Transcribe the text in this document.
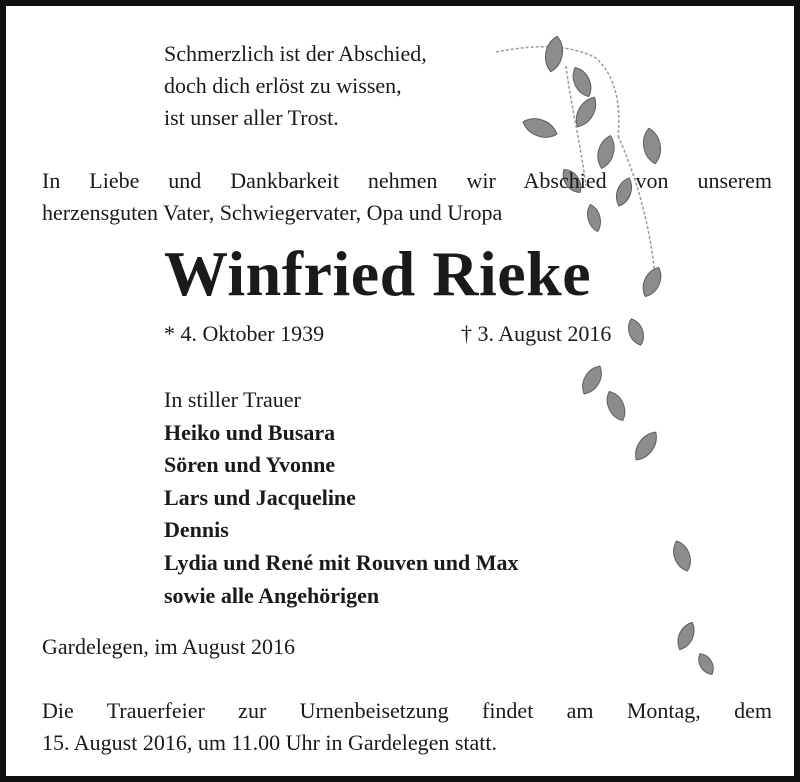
Schmerzlich ist der Abschied,
doch dich erlöst zu wissen,
ist unser aller Trost.
In Liebe und Dankbarkeit nehmen wir Abschied von unserem
herzensguten Vater, Schwiegervater, Opa und Uropa
Winfried Rieke
* 4. Oktober 1939	† 3. August 2016
In stiller Trauer
Heiko und Busara
Sören und Yvonne
Lars und Jacqueline
Dennis
Lydia und René mit Rouven und Max
sowie alle Angehörigen
Gardelegen, im August 2016
Die Trauerfeier zur Urnenbeisetzung findet am Montag, dem
15. August 2016, um 11.00 Uhr in Gardelegen statt.
